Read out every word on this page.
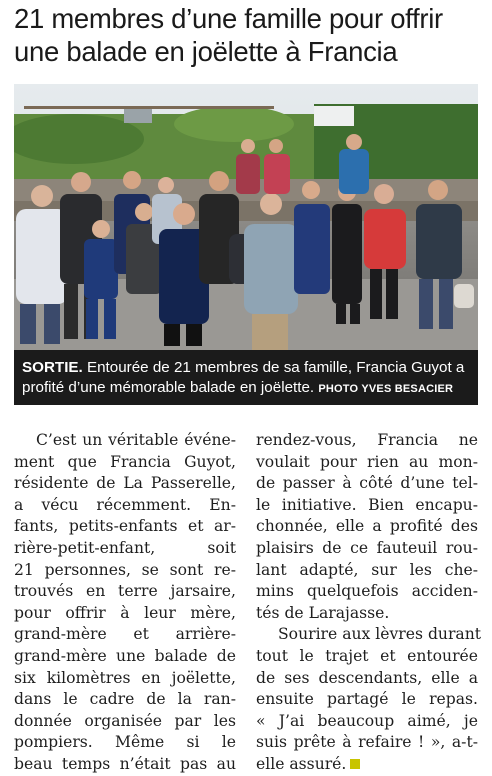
21 membres d’une famille pour offrir
une balade en joëlette à Francia
SORTIE. Entourée de 21 membres de sa famille, Francia Guyot a
profité d’une mémorable balade en joëlette. PHOTO YVES BESACIER
C’est un véritable événe-
ment que Francia Guyot,
résidente de La Passerelle,
a vécu récemment. En-
fants, petits-enfants et ar-
rière-petit-enfant, soit
21 personnes, se sont re-
trouvés en terre jarsaire,
pour offrir à leur mère,
grand-mère et arrière-
grand-mère une balade de
six kilomètres en joëlette,
dans le cadre de la ran-
donnée organisée par les
pompiers. Même si le
beau temps n’était pas au
rendez-vous, Francia ne
voulait pour rien au mon-
de passer à côté d’une tel-
le initiative. Bien encapu-
chonnée, elle a profité des
plaisirs de ce fauteuil rou-
lant adapté, sur les che-
mins quelquefois acciden-
tés de Larajasse.
Sourire aux lèvres durant
tout le trajet et entourée
de ses descendants, elle a
ensuite partagé le repas.
« J’ai beaucoup aimé, je
suis prête à refaire ! », a-t-
elle assuré.
